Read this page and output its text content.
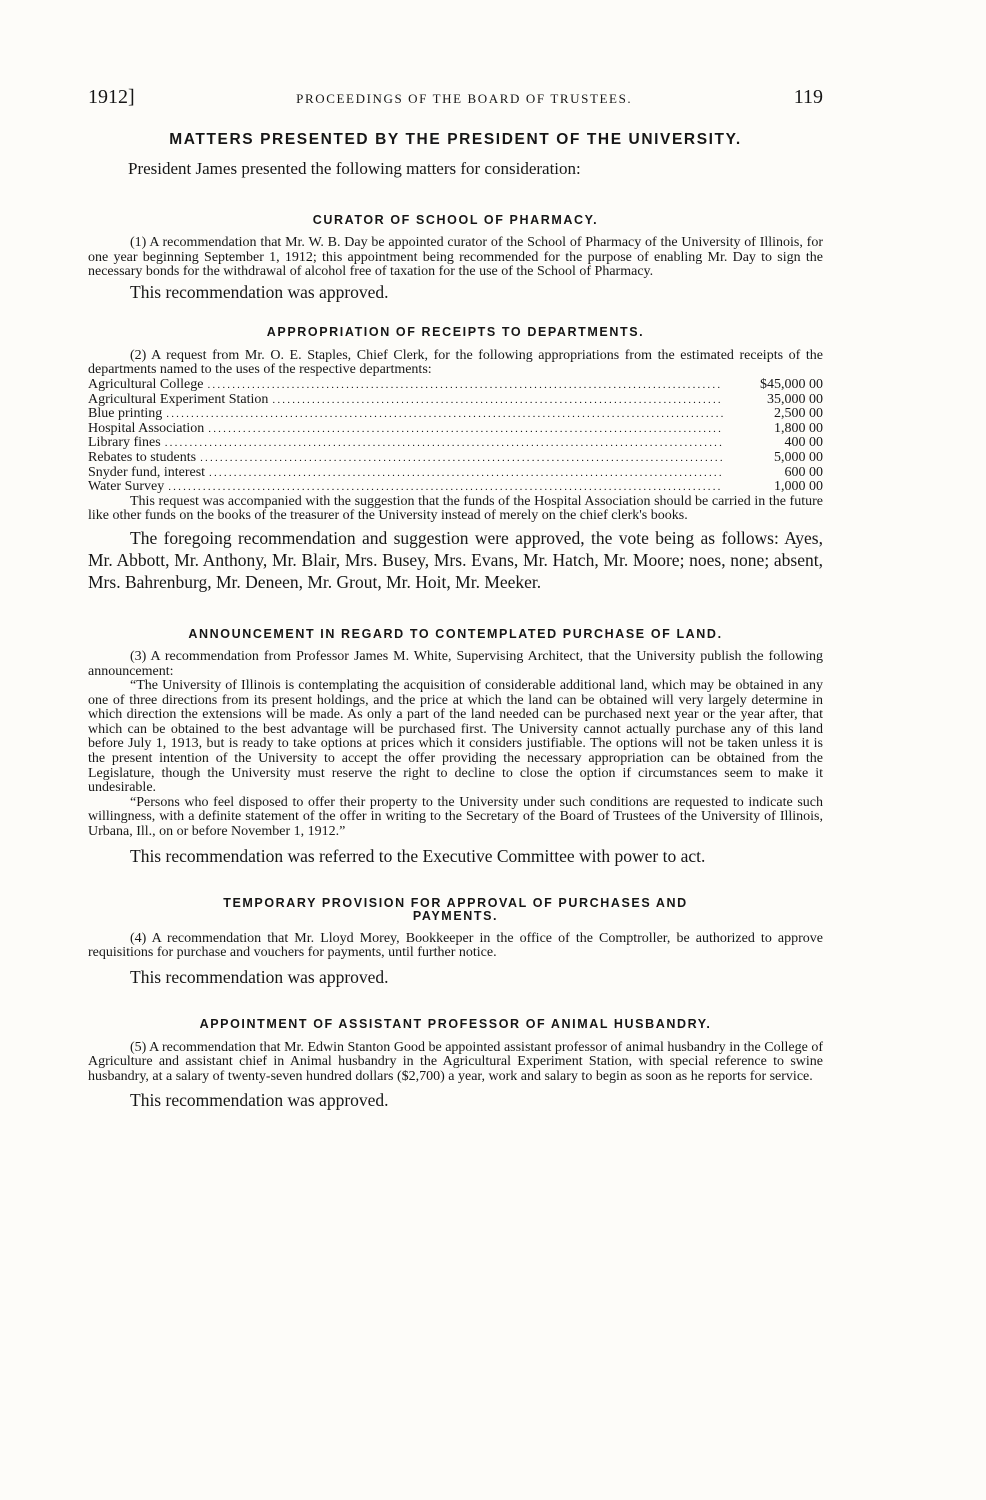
1912]	PROCEEDINGS OF THE BOARD OF TRUSTEES.	119
MATTERS PRESENTED BY THE PRESIDENT OF THE UNIVERSITY.

President James presented the following matters for consideration:

CURATOR OF SCHOOL OF PHARMACY.

(1) A recommendation that Mr. W. B. Day be appointed curator of the School of Pharmacy of the University of Illinois, for one year beginning September 1, 1912; this appointment being recommended for the purpose of enabling Mr. Day to sign the necessary bonds for the withdrawal of alcohol free of taxation for the use of the School of Pharmacy.

This recommendation was approved.

APPROPRIATION OF RECEIPTS TO DEPARTMENTS.

(2) A request from Mr. O. E. Staples, Chief Clerk, for the following appropriations from the estimated receipts of the departments named to the uses of the respective departments:

Agricultural College .....	$45,000 00
Agricultural Experiment Station .....	35,000 00
Blue printing .....	2,500 00
Hospital Association .....	1,800 00
Library fines .....	400 00
Rebates to students .....	5,000 00
Snyder fund, interest .....	600 00
Water Survey .....	1,000 00

This request was accompanied with the suggestion that the funds of the Hospital Association should be carried in the future like other funds on the books of the treasurer of the University instead of merely on the chief clerk's books.

The foregoing recommendation and suggestion were approved, the vote being as follows: Ayes, Mr. Abbott, Mr. Anthony, Mr. Blair, Mrs. Busey, Mrs. Evans, Mr. Hatch, Mr. Moore; noes, none; absent, Mrs. Bahrenburg, Mr. Deneen, Mr. Grout, Mr. Hoit, Mr. Meeker.

ANNOUNCEMENT IN REGARD TO CONTEMPLATED PURCHASE OF LAND.

(3) A recommendation from Professor James M. White, Supervising Architect, that the University publish the following announcement:

“The University of Illinois is contemplating the acquisition of considerable additional land, which may be obtained in any one of three directions from its present holdings, and the price at which the land can be obtained will very largely determine in which direction the extensions will be made. As only a part of the land needed can be purchased next year or the year after, that which can be obtained to the best advantage will be purchased first. The University cannot actually purchase any of this land before July 1, 1913, but is ready to take options at prices which it considers justifiable. The options will not be taken unless it is the present intention of the University to accept the offer providing the necessary appropriation can be obtained from the Legislature, though the University must reserve the right to decline to close the option if circumstances seem to make it undesirable.

“Persons who feel disposed to offer their property to the University under such conditions are requested to indicate such willingness, with a definite statement of the offer in writing to the Secretary of the Board of Trustees of the University of Illinois, Urbana, Ill., on or before November 1, 1912.”

This recommendation was referred to the Executive Committee with power to act.

TEMPORARY PROVISION FOR APPROVAL OF PURCHASES AND
PAYMENTS.

(4) A recommendation that Mr. Lloyd Morey, Bookkeeper in the office of the Comptroller, be authorized to approve requisitions for purchase and vouchers for payments, until further notice.

This recommendation was approved.

APPOINTMENT OF ASSISTANT PROFESSOR OF ANIMAL HUSBANDRY.

(5) A recommendation that Mr. Edwin Stanton Good be appointed assistant professor of animal husbandry in the College of Agriculture and assistant chief in Animal husbandry in the Agricultural Experiment Station, with special reference to swine husbandry, at a salary of twenty-seven hundred dollars ($2,700) a year, work and salary to begin as soon as he reports for service.

This recommendation was approved.
